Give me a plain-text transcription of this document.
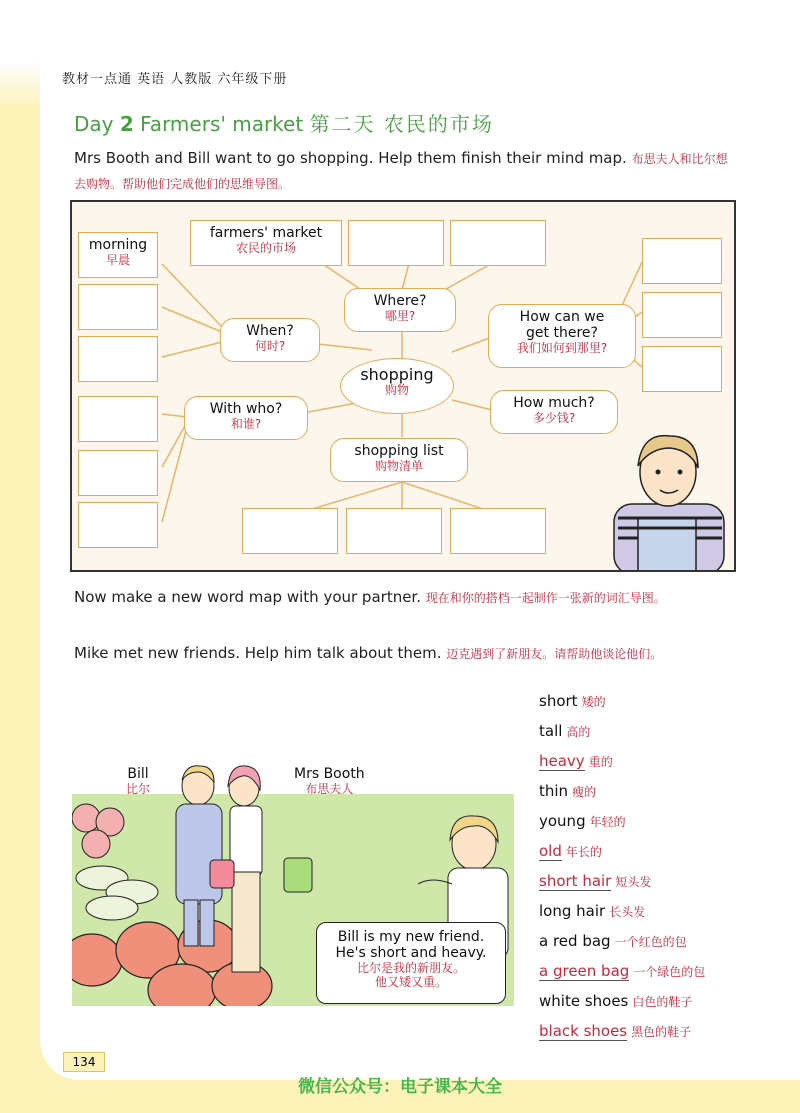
教材一点通 英语 人教版 六年级下册
Day 2 Farmers' market 第二天 农民的市场
Mrs Booth and Bill want to go shopping. Help them finish their mind map. 布思夫人和比尔想去购物。帮助他们完成他们的思维导图。
morning
早晨
farmers' market
农民的市场
Where?
哪里?
When?
何时?
How can we
get there?
我们如何到那里?
shopping
购物
With who?
和谁?
How much?
多少钱?
shopping list
购物清单
Now make a new word map with your partner. 现在和你的搭档一起制作一张新的词汇导图。
Mike met new friends. Help him talk about them. 迈克遇到了新朋友。请帮助他谈论他们。
Bill
比尔
Mrs Booth
布思夫人
Bill is my new friend.
He's short and heavy.
比尔是我的新朋友。
他又矮又重。
short 矮的
tall 高的
heavy 重的
thin 瘦的
young 年轻的
old 年长的
short hair 短头发
long hair 长头发
a red bag 一个红色的包
a green bag 一个绿色的包
white shoes 白色的鞋子
black shoes 黑色的鞋子
134
微信公众号：电子课本大全
